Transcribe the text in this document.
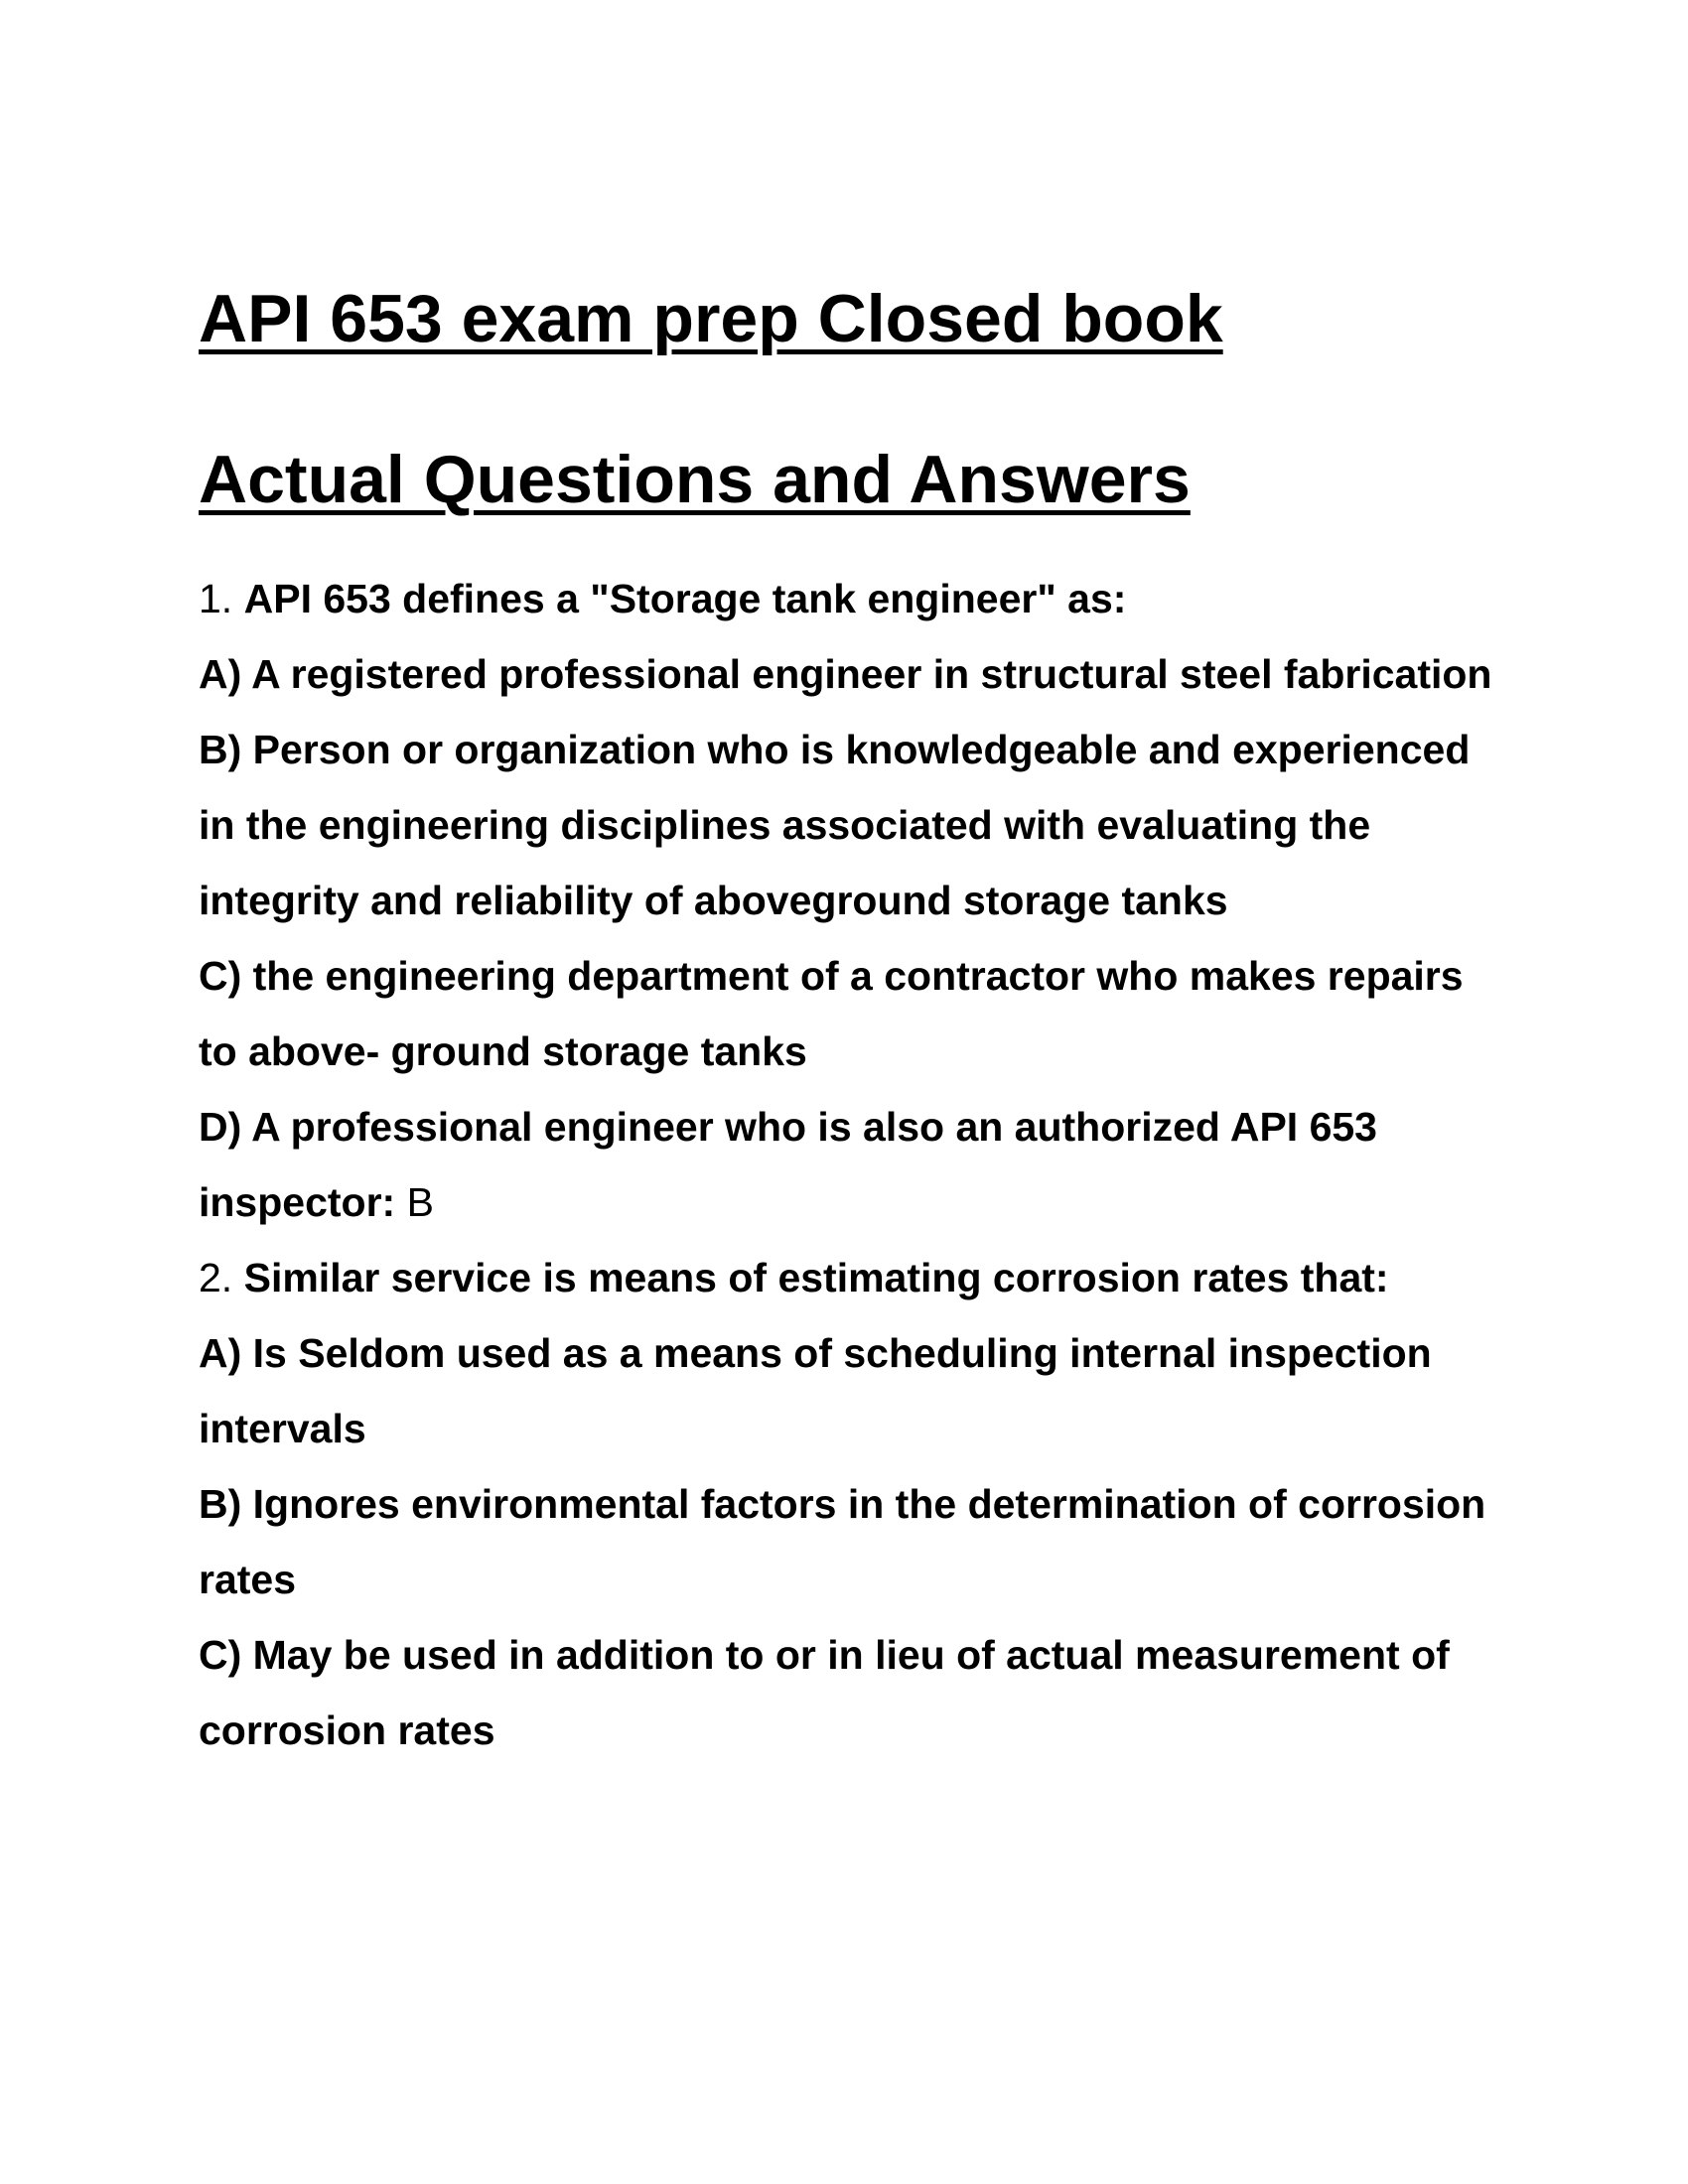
API 653 exam prep Closed book
Actual Questions and Answers

1. API 653 defines a "Storage tank engineer" as:

A) A registered professional engineer in structural steel fabrication

B) Person or organization who is knowledgeable and experienced in the engineering disciplines associated with evaluating the integrity and reliability of aboveground storage tanks

C) the engineering department of a contractor who makes repairs to above- ground storage tanks

D) A professional engineer who is also an authorized API 653 inspector: B

2. Similar service is means of estimating corrosion rates that:

A) Is Seldom used as a means of scheduling internal inspection intervals

B) Ignores environmental factors in the determination of corrosion rates

C) May be used in addition to or in lieu of actual measurement of corrosion rates
